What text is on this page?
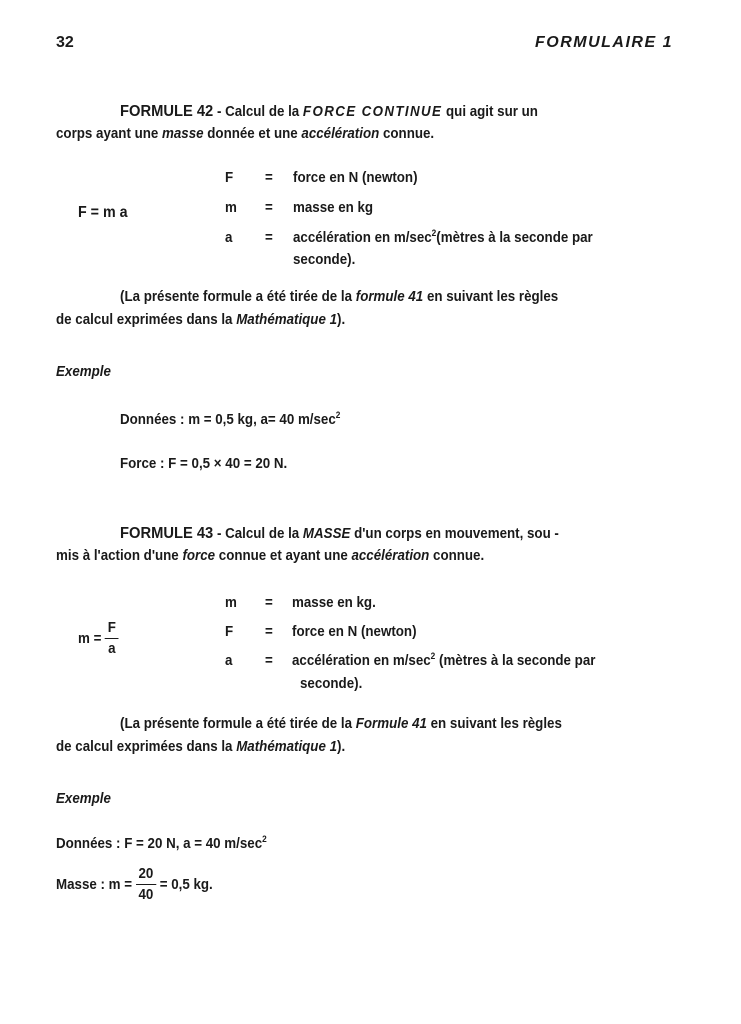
32	FORMULAIRE 1
FORMULE 42 - Calcul de la FORCE CONTINUE qui agit sur un
corps ayant une masse donnée et une accélération connue.
F = m a
F = force en N (newton)
m = masse en kg
a = accélération en $m/\sec^2(mètres$ à la seconde par
seconde).
(La présente formule a été tirée de la formule 41 en suivant les règles
de calcul exprimées dans la Mathématique 1).
Exemple
Données : m = 0,5 kg, a= 40 $m/\sec^2$
Force : F = 0,5 × 40 = 20 N.
FORMULE 43 - Calcul de la MASSE d'un corps en mouvement, sou -
mis à l'action d'une force connue et ayant une accélération connue.
$m = \frac{F}{a}$
m = masse en kg.
F = force en N (newton)
a = accélération en $m/\sec^2$ (mètres à la seconde par
seconde).
(La présente formule a été tirée de la Formule 41 en suivant les règles
de calcul exprimées dans la Mathématique 1).
Exemple
Données : F = 20 N, a = 40 $m/\sec^2$
Masse : $m = \frac{20}{40} = 0,5$ kg.
